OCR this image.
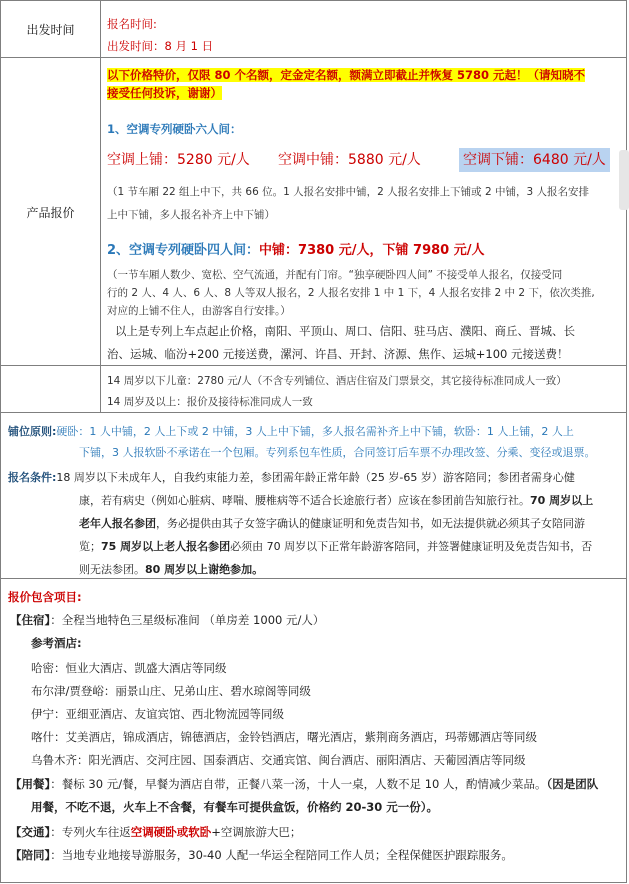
出发时间	报名时间:
出发时间：8 月 1 日
产品报价
以下价格特价，仅限 80 个名额，定金定名额，额满立即截止并恢复 5780 元起！（请知晓不
接受任何投诉，谢谢）
1、空调专列硬卧六人间：
空调上铺：5280 元/人 空调中铺：5880 元/人	空调下铺：6480 元/人
（1 节车厢 22 组上中下，共 66 位。1 人报名安排中铺，2 人报名安排上下铺或 2 中铺，3 人报名安排
上中下铺，多人报名补齐上中下铺）
2、空调专列硬卧四人间：中铺：7380 元/人，下铺 7980 元/人
（一节车厢人数少、宽松、空气流通，并配有门帘。“独享硬卧四人间” 不接受单人报名，仅接受同
行的 2 人、4 人、6 人、8 人等双人报名，2 人报名安排 1 中 1 下，4 人报名安排 2 中 2 下，依次类推,
对应的上铺不住人，由游客自行安排。）
以上是专列上车点起止价格，南阳、平顶山、周口、信阳、驻马店、濮阳、商丘、晋城、长
治、运城、临汾+200 元接送费，漯河、许昌、开封、济源、焦作、运城+100 元接送费！
14 周岁以下儿童：2780 元/人（不含专列铺位、酒店住宿及门票景交，其它接待标准同成人一致）
14 周岁及以上：报价及接待标准同成人一致
铺位原则:硬卧：1 人中铺，2 人上下或 2 中铺，3 人上中下铺，多人报名需补齐上中下铺，软卧：1 人上铺，2 人上
下铺，3 人报软卧不承诺在一个包厢。专列系包车性质，合同签订后车票不办理改签、分乘、变径或退票。
报名条件:18 周岁以下未成年人，自我约束能力差，参团需年龄正常年龄（25 岁-65 岁）游客陪同；参团者需身心健
康，若有病史（例如心脏病、哮喘、腰椎病等不适合长途旅行者）应该在参团前告知旅行社。70 周岁以上
老年人报名参团，务必提供由其子女签字确认的健康证明和免责告知书，如无法提供就必须其子女陪同游
览；75 周岁以上老人报名参团必须由 70 周岁以下正常年龄游客陪同，并签署健康证明及免责告知书，否
则无法参团。80 周岁以上谢绝参加。
报价包含项目:
【住宿】：全程当地特色三星级标准间 （单房差 1000 元/人）
参考酒店:
哈密：恒业大酒店、凯盛大酒店等同级
布尔津/贾登峪：丽景山庄、兄弟山庄、碧水琼阁等同级
伊宁：亚细亚酒店、友谊宾馆、西北物流园等同级
喀什：艾美酒店，锦成酒店，锦德酒店，金铃铛酒店，曙光酒店，紫荆商务酒店，玛蒂娜酒店等同级
乌鲁木齐：阳光酒店、交河庄园、国泰酒店、交通宾馆、闽台酒店、丽阳酒店、天葡园酒店等同级
【用餐】：餐标 30 元/餐，早餐为酒店自带，正餐八菜一汤，十人一桌，人数不足 10 人，酌情减少菜品。（因是团队
用餐，不吃不退，火车上不含餐，有餐车可提供盒饭，价格约 20-30 元一份）。
【交通】：专列火车往返空调硬卧或软卧+空调旅游大巴；
【陪同】：当地专业地接导游服务，30-40 人配一华运全程陪同工作人员；全程保健医护跟踪服务。
